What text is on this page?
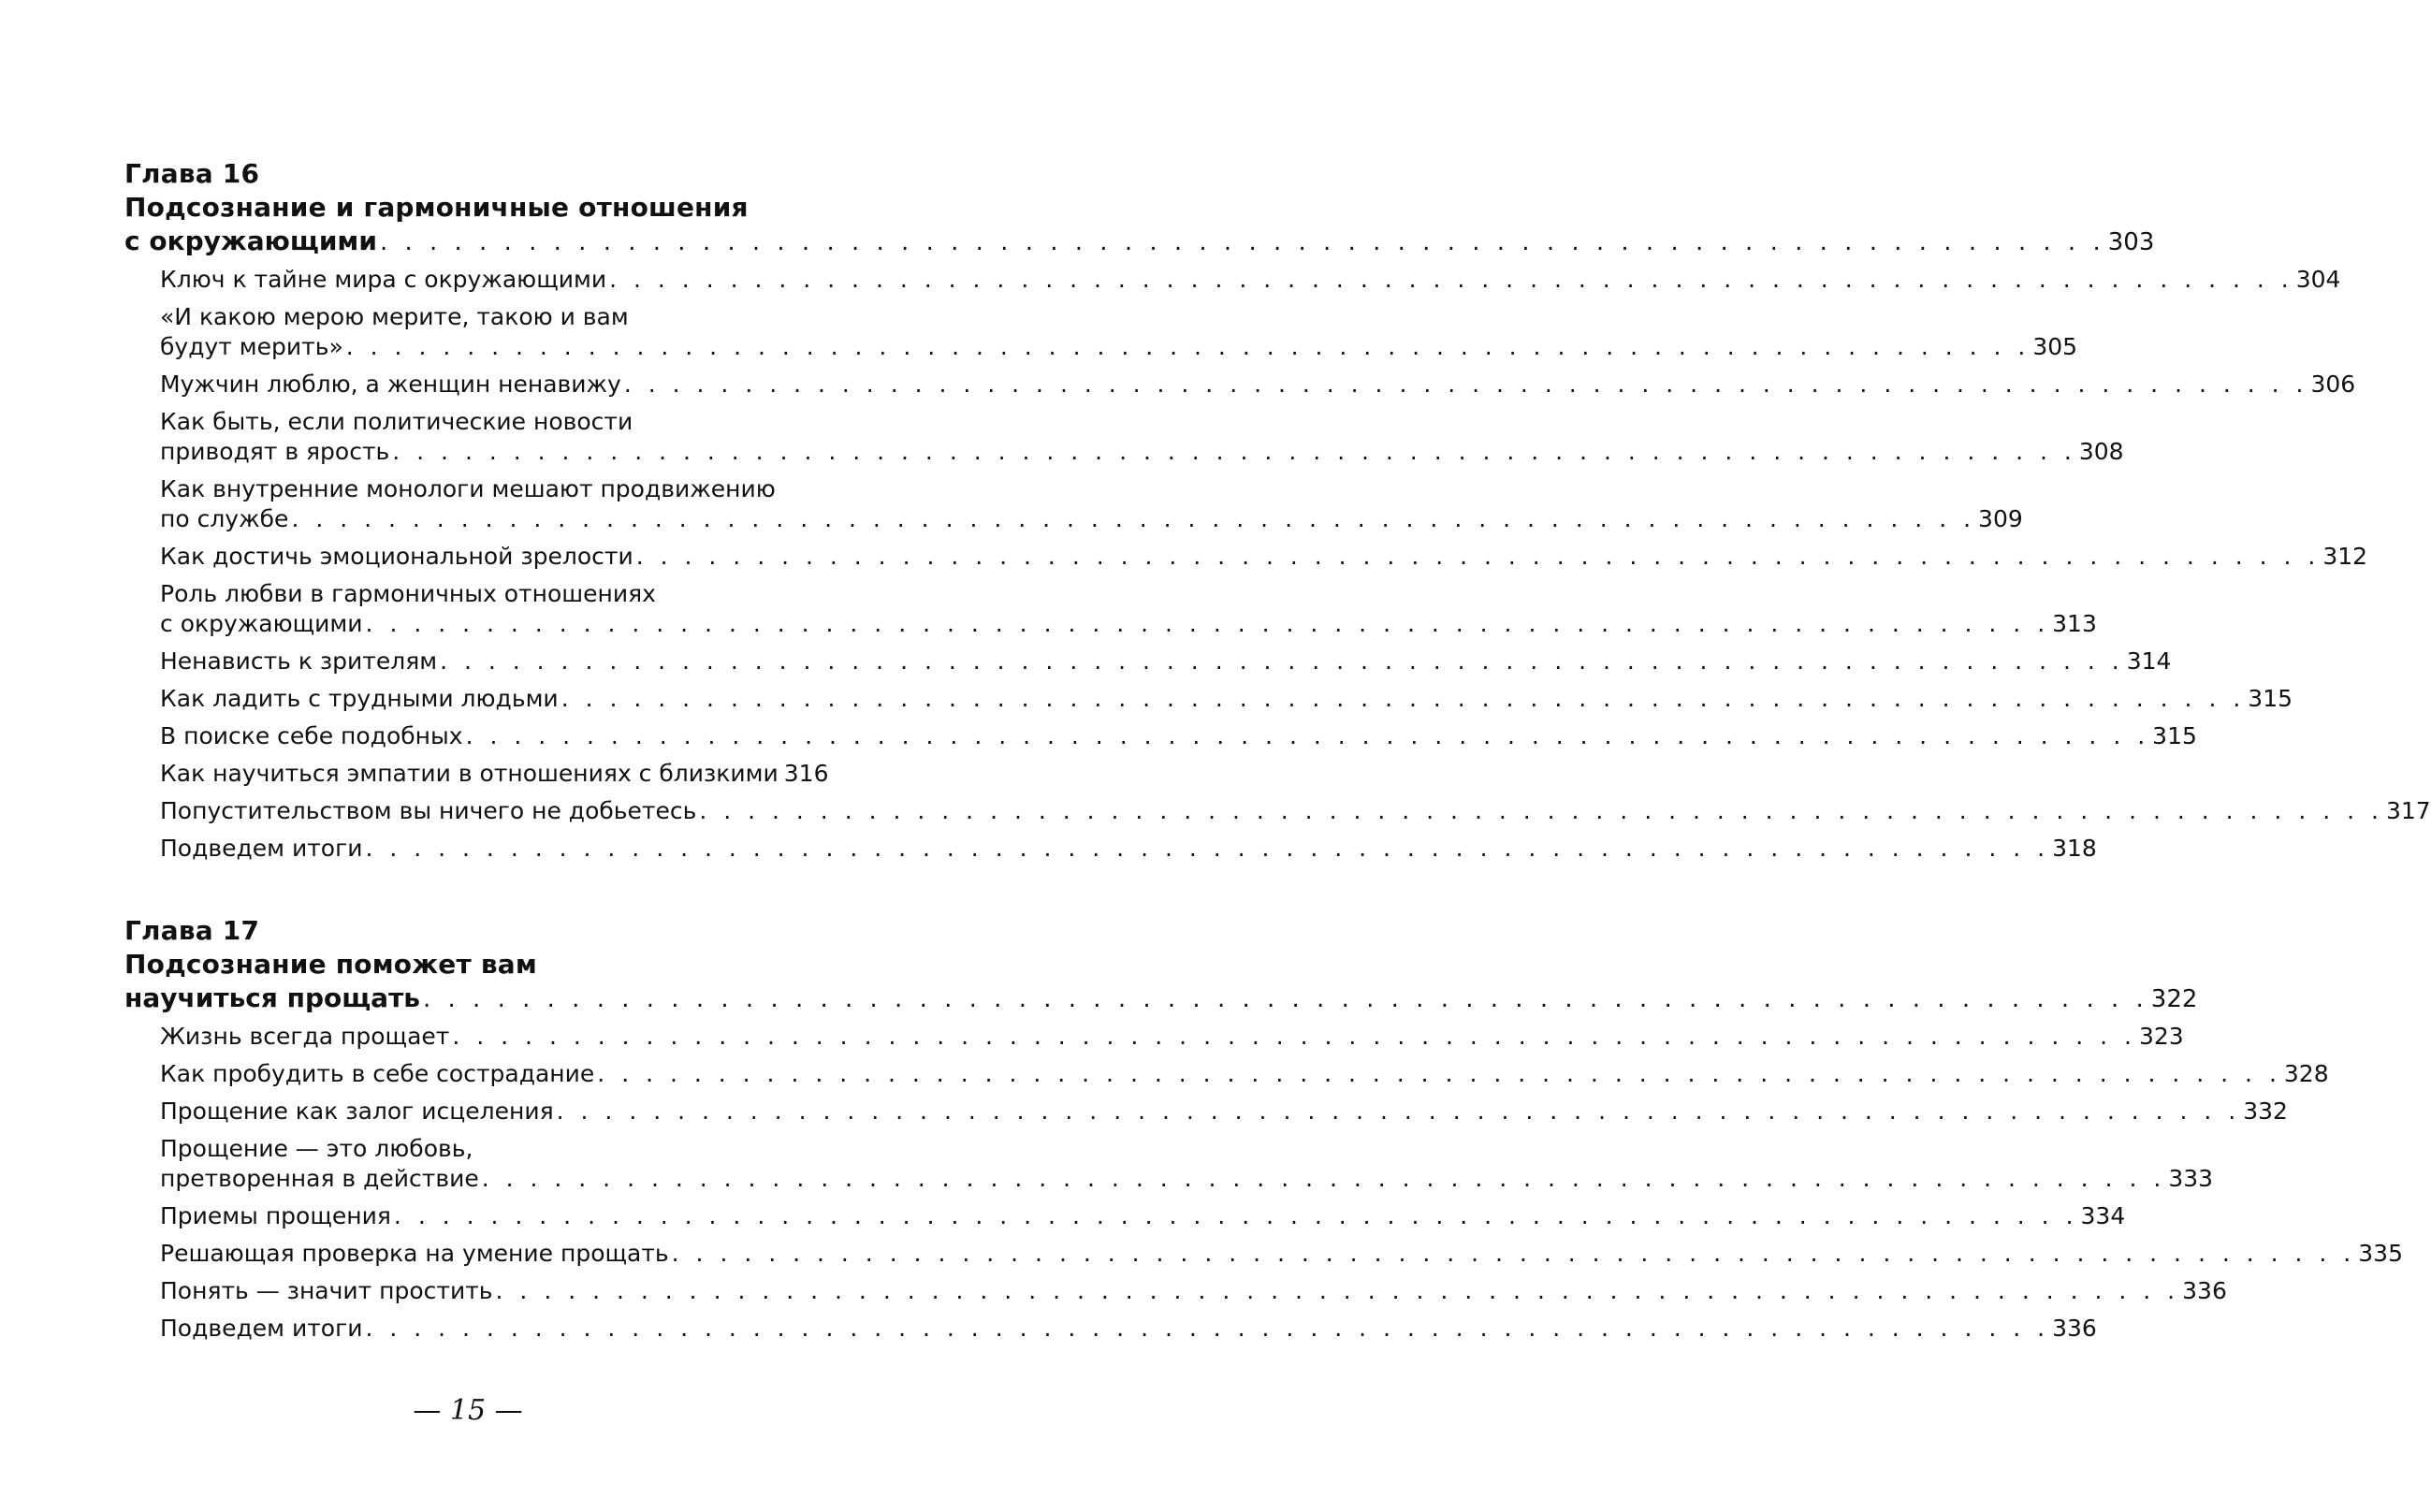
Глава 16
Подсознание и гармоничные отношения
с окружающими . . . . . . . . . . . . . . . . . . . . . . . . . . . . . . . . . . . . . . . . . . . . . . . . . . . . . . . . . . . . . . . . . . . . . . 303
Ключ к тайне мира с окружающими . . . . . . . . . . . . . . . . . . . . . . . . . . . . . . . . . . . . . . . . . . . . . . . . . . . . . . . . . . . . . . . . . . . . . . 304
«И какою мерою мерите, такою и вам
будут мерить» . . . . . . . . . . . . . . . . . . . . . . . . . . . . . . . . . . . . . . . . . . . . . . . . . . . . . . . . . . . . . . . . . . . . . . 305
Мужчин люблю, а женщин ненавижу . . . . . . . . . . . . . . . . . . . . . . . . . . . . . . . . . . . . . . . . . . . . . . . . . . . . . . . . . . . . . . . . . . . . . . 306
Как быть, если политические новости
приводят в ярость . . . . . . . . . . . . . . . . . . . . . . . . . . . . . . . . . . . . . . . . . . . . . . . . . . . . . . . . . . . . . . . . . . . . . . 308
Как внутренние монологи мешают продвижению
по службе . . . . . . . . . . . . . . . . . . . . . . . . . . . . . . . . . . . . . . . . . . . . . . . . . . . . . . . . . . . . . . . . . . . . . . 309
Как достичь эмоциональной зрелости . . . . . . . . . . . . . . . . . . . . . . . . . . . . . . . . . . . . . . . . . . . . . . . . . . . . . . . . . . . . . . . . . . . . . . 312
Роль любви в гармоничных отношениях
с окружающими . . . . . . . . . . . . . . . . . . . . . . . . . . . . . . . . . . . . . . . . . . . . . . . . . . . . . . . . . . . . . . . . . . . . . . 313
Ненависть к зрителям . . . . . . . . . . . . . . . . . . . . . . . . . . . . . . . . . . . . . . . . . . . . . . . . . . . . . . . . . . . . . . . . . . . . . . 314
Как ладить с трудными людьми . . . . . . . . . . . . . . . . . . . . . . . . . . . . . . . . . . . . . . . . . . . . . . . . . . . . . . . . . . . . . . . . . . . . . . 315
В поиске себе подобных . . . . . . . . . . . . . . . . . . . . . . . . . . . . . . . . . . . . . . . . . . . . . . . . . . . . . . . . . . . . . . . . . . . . . . 315
Как научиться эмпатии в отношениях с близкими 316
Попустительством вы ничего не добьетесь . . . . . . . . . . . . . . . . . . . . . . . . . . . . . . . . . . . . . . . . . . . . . . . . . . . . . . . . . . . . . . . . . . . . . . 317
Подведем итоги . . . . . . . . . . . . . . . . . . . . . . . . . . . . . . . . . . . . . . . . . . . . . . . . . . . . . . . . . . . . . . . . . . . . . . 318
Глава 17
Подсознание поможет вам
научиться прощать . . . . . . . . . . . . . . . . . . . . . . . . . . . . . . . . . . . . . . . . . . . . . . . . . . . . . . . . . . . . . . . . . . . . . . 322
Жизнь всегда прощает . . . . . . . . . . . . . . . . . . . . . . . . . . . . . . . . . . . . . . . . . . . . . . . . . . . . . . . . . . . . . . . . . . . . . . 323
Как пробудить в себе сострадание . . . . . . . . . . . . . . . . . . . . . . . . . . . . . . . . . . . . . . . . . . . . . . . . . . . . . . . . . . . . . . . . . . . . . . 328
Прощение как залог исцеления . . . . . . . . . . . . . . . . . . . . . . . . . . . . . . . . . . . . . . . . . . . . . . . . . . . . . . . . . . . . . . . . . . . . . . 332
Прощение — это любовь,
претворенная в действие . . . . . . . . . . . . . . . . . . . . . . . . . . . . . . . . . . . . . . . . . . . . . . . . . . . . . . . . . . . . . . . . . . . . . . 333
Приемы прощения . . . . . . . . . . . . . . . . . . . . . . . . . . . . . . . . . . . . . . . . . . . . . . . . . . . . . . . . . . . . . . . . . . . . . . 334
Решающая проверка на умение прощать . . . . . . . . . . . . . . . . . . . . . . . . . . . . . . . . . . . . . . . . . . . . . . . . . . . . . . . . . . . . . . . . . . . . . . 335
Понять — значит простить . . . . . . . . . . . . . . . . . . . . . . . . . . . . . . . . . . . . . . . . . . . . . . . . . . . . . . . . . . . . . . . . . . . . . . 336
Подведем итоги . . . . . . . . . . . . . . . . . . . . . . . . . . . . . . . . . . . . . . . . . . . . . . . . . . . . . . . . . . . . . . . . . . . . . . 336
— 15 —
